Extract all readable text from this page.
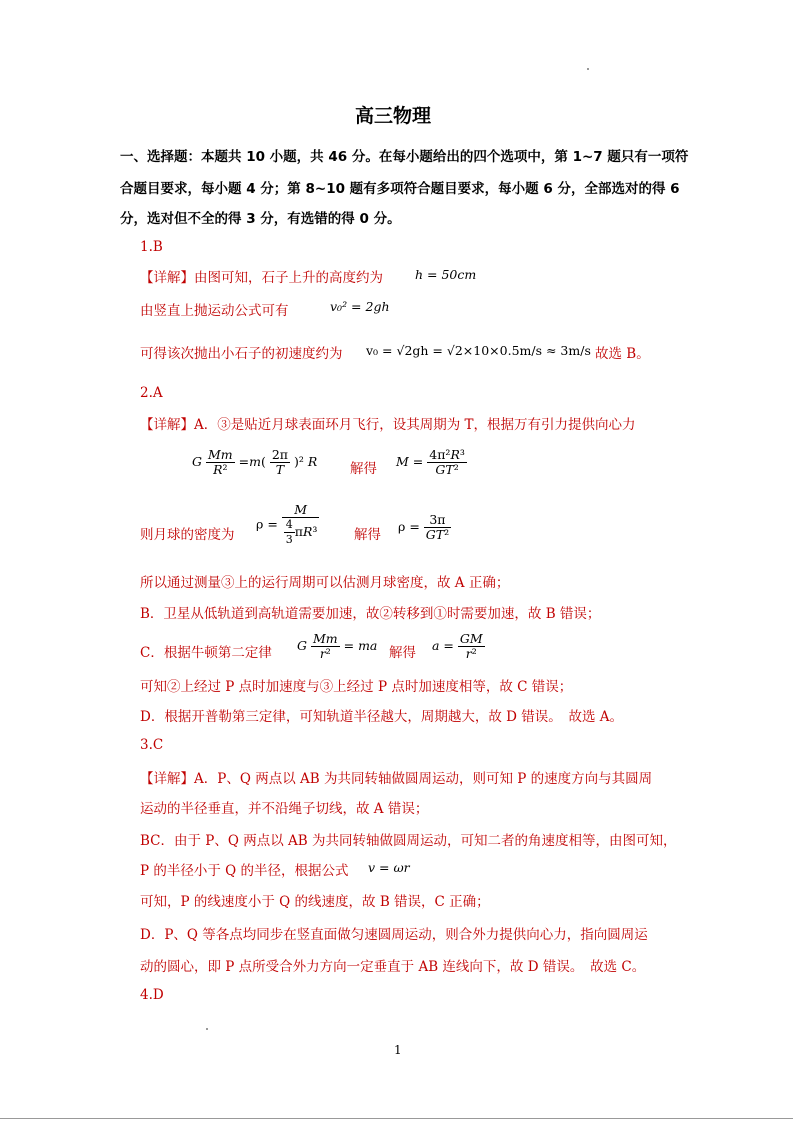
高三物理
一、选择题：本题共 10 小题，共 46 分。在每小题给出的四个选项中，第 1~7 题只有一项符
合题目要求，每小题 4 分；第 8~10 题有多项符合题目要求，每小题 6 分，全部选对的得 6
分，选对但不全的得 3 分，有选错的得 0 分。
1.B
【详解】由图可知，石子上升的高度约为	h = 50cm
由竖直上抛运动公式可有	v₀² = 2gh
可得该次抛出小石子的初速度约为 v₀ = √2gh = √2×10×0.5m/s ≈ 3m/s 故选 B。
2.A
【详解】A．③是贴近月球表面环月飞行，设其周期为 T，根据万有引力提供向心力
G $\frac{Mm}{\text{R²}} =m( \frac{2\pi}{T} )^2$ R 解得 $M = \frac{\text{4π²R³}}{\text{GT²}}$
则月球的密度为
$\rho = \frac{M}{\frac{4}{3} \pi R^3}$	解得
$\rho = \frac{3\pi}{\text{GT²}}$
所以通过测量③上的运行周期可以估测月球密度，故 A 正确；
B．卫星从低轨道到高轨道需要加速，故②转移到①时需要加速，故 B 错误；
C．根据牛顿第二定律 G $\frac{Mm}{\text{r²}}$ = ma 解得 $a = \frac{GM}{\text{r²}}$
可知②上经过 P 点时加速度与③上经过 P 点时加速度相等，故 C 错误；
D．根据开普勒第三定律，可知轨道半径越大，周期越大，故 D 错误。　故选 A。
3.C
【详解】A．P、Q 两点以 AB 为共同转轴做圆周运动，则可知 P 的速度方向与其圆周
运动的半径垂直，并不沿绳子切线，故 A 错误；
BC．由于 P、Q 两点以 AB 为共同转轴做圆周运动，可知二者的角速度相等，由图可知，
P 的半径小于 Q 的半径，根据公式 v = ωr
可知，P 的线速度小于 Q 的线速度，故 B 错误，C 正确；
D．P、Q 等各点均同步在竖直面做匀速圆周运动，则合外力提供向心力，指向圆周运
动的圆心，即 P 点所受合外力方向一定垂直于 AB 连线向下，故 D 错误。　故选 C。
4.D
1
